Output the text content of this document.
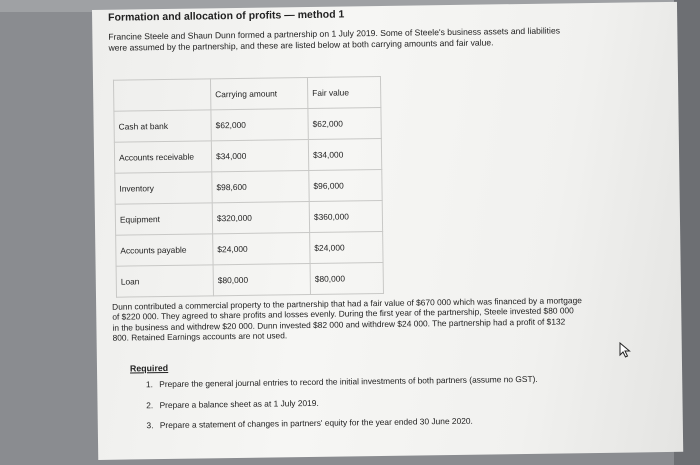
Formation and allocation of profits — method 1
Francine Steele and Shaun Dunn formed a partnership on 1 July 2019. Some of Steele's business assets and liabilities were assumed by the partnership, and these are listed below at both carrying amounts and fair value.
	Carrying amount	Fair value	
Cash at bank	$62,000	$62,000	
Accounts receivable	$34,000	$34,000	
Inventory	$98,600	$96,000	
Equipment	$320,000	$360,000	
Accounts payable	$24,000	$24,000	
Loan	$80,000	$80,000	
Dunn contributed a commercial property to the partnership that had a fair value of $670 000 which was financed by a mortgage of $220 000. They agreed to share profits and losses evenly. During the first year of the partnership, Steele invested $80 000 in the business and withdrew $20 000. Dunn invested $82 000 and withdrew $24 000. The partnership had a profit of $132 800. Retained Earnings accounts are not used.
Required
1. Prepare the general journal entries to record the initial investments of both partners (assume no GST).
2. Prepare a balance sheet as at 1 July 2019.
3. Prepare a statement of changes in partners' equity for the year ended 30 June 2020.
